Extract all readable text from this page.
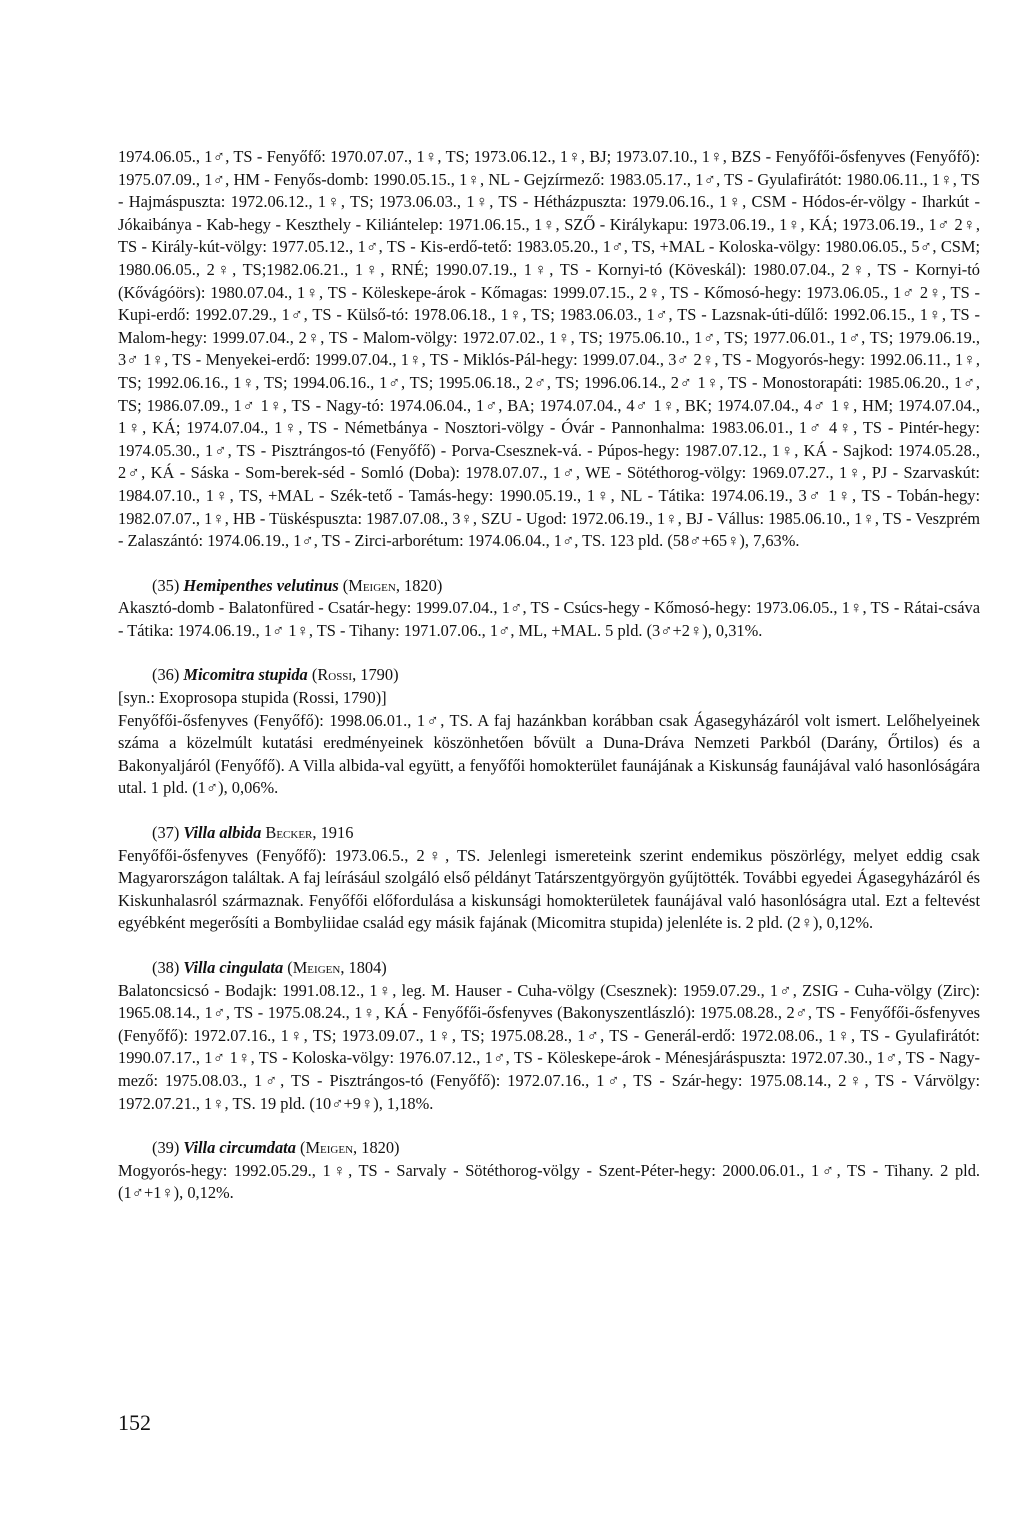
1974.06.05., 1♂, TS - Fenyőfő: 1970.07.07., 1♀, TS; 1973.06.12., 1♀, BJ; 1973.07.10., 1♀, BZS - Fenyőfői-ősfenyves (Fenyőfő): 1975.07.09., 1♂, HM - Fenyős-domb: 1990.05.15., 1♀, NL - Gejzírmező: 1983.05.17., 1♂, TS - Gyulafirátót: 1980.06.11., 1♀, TS - Hajmáspuszta: 1972.06.12., 1♀, TS; 1973.06.03., 1♀, TS - Hétházpuszta: 1979.06.16., 1♀, CSM - Hódos-ér-völgy - Iharkút - Jókaibánya - Kab-hegy - Keszthely - Kiliántelep: 1971.06.15., 1♀, SZŐ - Királykapu: 1973.06.19., 1♀, KÁ; 1973.06.19., 1♂ 2♀, TS - Király-kút-völgy: 1977.05.12., 1♂, TS - Kis-erdő-tető: 1983.05.20., 1♂, TS, +MAL - Koloska-völgy: 1980.06.05., 5♂, CSM; 1980.06.05., 2♀, TS;1982.06.21., 1♀, RNÉ; 1990.07.19., 1♀, TS - Kornyi-tó (Köveskál): 1980.07.04., 2♀, TS - Kornyi-tó (Kővágóörs): 1980.07.04., 1♀, TS - Köleskepe-árok - Kőmagas: 1999.07.15., 2♀, TS - Kőmosó-hegy: 1973.06.05., 1♂ 2♀, TS - Kupi-erdő: 1992.07.29., 1♂, TS - Külső-tó: 1978.06.18., 1♀, TS; 1983.06.03., 1♂, TS - Lazsnak-úti-dűlő: 1992.06.15., 1♀, TS - Malom-hegy: 1999.07.04., 2♀, TS - Malom-völgy: 1972.07.02., 1♀, TS; 1975.06.10., 1♂, TS; 1977.06.01., 1♂, TS; 1979.06.19., 3♂ 1♀, TS - Menyekei-erdő: 1999.07.04., 1♀, TS - Miklós-Pál-hegy: 1999.07.04., 3♂ 2♀, TS - Mogyorós-hegy: 1992.06.11., 1♀, TS; 1992.06.16., 1♀, TS; 1994.06.16., 1♂, TS; 1995.06.18., 2♂, TS; 1996.06.14., 2♂ 1♀, TS - Monostorapáti: 1985.06.20., 1♂, TS; 1986.07.09., 1♂ 1♀, TS - Nagy-tó: 1974.06.04., 1♂, BA; 1974.07.04., 4♂ 1♀, BK; 1974.07.04., 4♂ 1♀, HM; 1974.07.04., 1♀, KÁ; 1974.07.04., 1♀, TS - Németbánya - Nosztori-völgy - Óvár - Pannonhalma: 1983.06.01., 1♂ 4♀, TS - Pintér-hegy: 1974.05.30., 1♂, TS - Pisztrángos-tó (Fenyőfő) - Porva-Csesznek-vá. - Púpos-hegy: 1987.07.12., 1♀, KÁ - Sajkod: 1974.05.28., 2♂, KÁ - Sáska - Som-berek-séd - Somló (Doba): 1978.07.07., 1♂, WE - Sötéthorog-völgy: 1969.07.27., 1♀, PJ - Szarvaskút: 1984.07.10., 1♀, TS, +MAL - Szék-tető - Tamás-hegy: 1990.05.19., 1♀, NL - Tátika: 1974.06.19., 3♂ 1♀, TS - Tobán-hegy: 1982.07.07., 1♀, HB - Tüskéspuszta: 1987.07.08., 3♀, SZU - Ugod: 1972.06.19., 1♀, BJ - Vállus: 1985.06.10., 1♀, TS - Veszprém - Zalaszántó: 1974.06.19., 1♂, TS - Zirci-arborétum: 1974.06.04., 1♂, TS. 123 pld. (58♂+65♀), 7,63%.

(35) Hemipenthes velutinus (Meigen, 1820)

Akasztó-domb - Balatonfüred - Csatár-hegy: 1999.07.04., 1♂, TS - Csúcs-hegy - Kőmosó-hegy: 1973.06.05., 1♀, TS - Rátai-csáva - Tátika: 1974.06.19., 1♂ 1♀, TS - Tihany: 1971.07.06., 1♂, ML, +MAL. 5 pld. (3♂+2♀), 0,31%.

(36) Micomitra stupida (Rossi, 1790)

[syn.: Exoprosopa stupida (Rossi, 1790)]

Fenyőfői-ősfenyves (Fenyőfő): 1998.06.01., 1♂, TS. A faj hazánkban korábban csak Ágasegyházáról volt ismert. Lelőhelyeinek száma a közelmúlt kutatási eredményeinek köszönhetően bővült a Duna-Dráva Nemzeti Parkból (Darány, Őrtilos) és a Bakonyaljáról (Fenyőfő). A Villa albida-val együtt, a fenyőfői homokterület faunájának a Kiskunság faunájával való hasonlóságára utal. 1 pld. (1♂), 0,06%.

(37) Villa albida Becker, 1916

Fenyőfői-ősfenyves (Fenyőfő): 1973.06.5., 2♀, TS. Jelenlegi ismereteink szerint endemikus pöszörlégy, melyet eddig csak Magyarországon találtak. A faj leírásául szolgáló első példányt Tatárszentgyörgyön gyűjtötték. További egyedei Ágasegyházáról és Kiskunhalasról származnak. Fenyőfői előfordulása a kiskunsági homokterületek faunájával való hasonlóságra utal. Ezt a feltevést egyébként megerősíti a Bombyliidae család egy másik fajának (Micomitra stupida) jelenléte is. 2 pld. (2♀), 0,12%.

(38) Villa cingulata (Meigen, 1804)

Balatoncsicsó - Bodajk: 1991.08.12., 1♀, leg. M. Hauser - Cuha-völgy (Csesznek): 1959.07.29., 1♂, ZSIG - Cuha-völgy (Zirc): 1965.08.14., 1♂, TS - 1975.08.24., 1♀, KÁ - Fenyőfői-ősfenyves (Bakonyszentlászló): 1975.08.28., 2♂, TS - Fenyőfői-ősfenyves (Fenyőfő): 1972.07.16., 1♀, TS; 1973.09.07., 1♀, TS; 1975.08.28., 1♂, TS - Generál-erdő: 1972.08.06., 1♀, TS - Gyulafirátót: 1990.07.17., 1♂ 1♀, TS - Koloska-völgy: 1976.07.12., 1♂, TS - Köleskepe-árok - Ménesjáráspuszta: 1972.07.30., 1♂, TS - Nagy-mező: 1975.08.03., 1♂, TS - Pisztrángos-tó (Fenyőfő): 1972.07.16., 1♂, TS - Szár-hegy: 1975.08.14., 2♀, TS - Várvölgy: 1972.07.21., 1♀, TS. 19 pld. (10♂+9♀), 1,18%.

(39) Villa circumdata (Meigen, 1820)

Mogyorós-hegy: 1992.05.29., 1♀, TS - Sarvaly - Sötéthorog-völgy - Szent-Péter-hegy: 2000.06.01., 1♂, TS - Tihany. 2 pld. (1♂+1♀), 0,12%.

152
